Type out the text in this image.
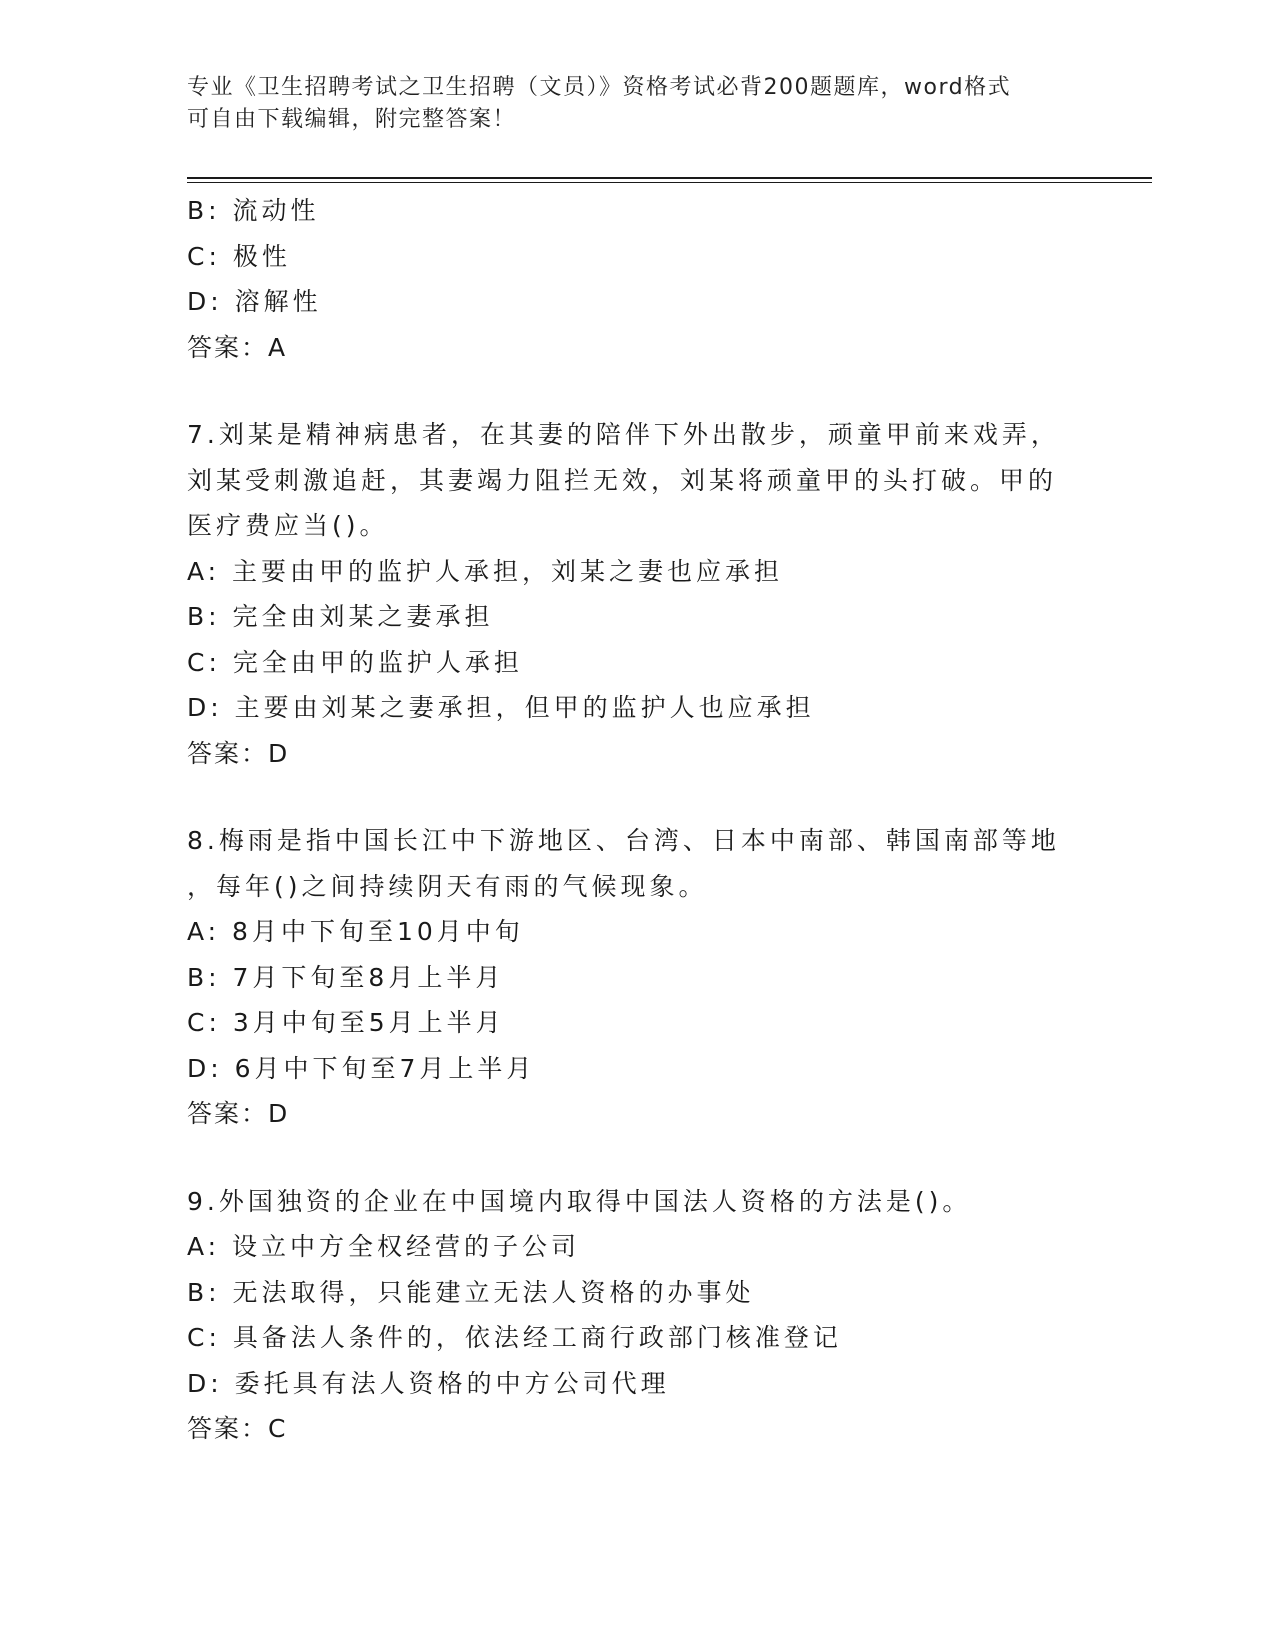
专业《卫生招聘考试之卫生招聘（文员）》资格考试必背200题题库，word格式
可自由下载编辑，附完整答案！
B: 流动性
C: 极性
D: 溶解性
答案：A
7.刘某是精神病患者，在其妻的陪伴下外出散步，顽童甲前来戏弄，
刘某受刺激追赶，其妻竭力阻拦无效，刘某将顽童甲的头打破。甲的
医疗费应当()。
A: 主要由甲的监护人承担，刘某之妻也应承担
B: 完全由刘某之妻承担
C: 完全由甲的监护人承担
D: 主要由刘某之妻承担，但甲的监护人也应承担
答案：D
8.梅雨是指中国长江中下游地区、台湾、日本中南部、韩国南部等地
，每年()之间持续阴天有雨的气候现象。
A: 8月中下旬至10月中旬
B: 7月下旬至8月上半月
C: 3月中旬至5月上半月
D: 6月中下旬至7月上半月
答案：D
9.外国独资的企业在中国境内取得中国法人资格的方法是()。
A: 设立中方全权经营的子公司
B: 无法取得，只能建立无法人资格的办事处
C: 具备法人条件的，依法经工商行政部门核准登记
D: 委托具有法人资格的中方公司代理
答案：C
